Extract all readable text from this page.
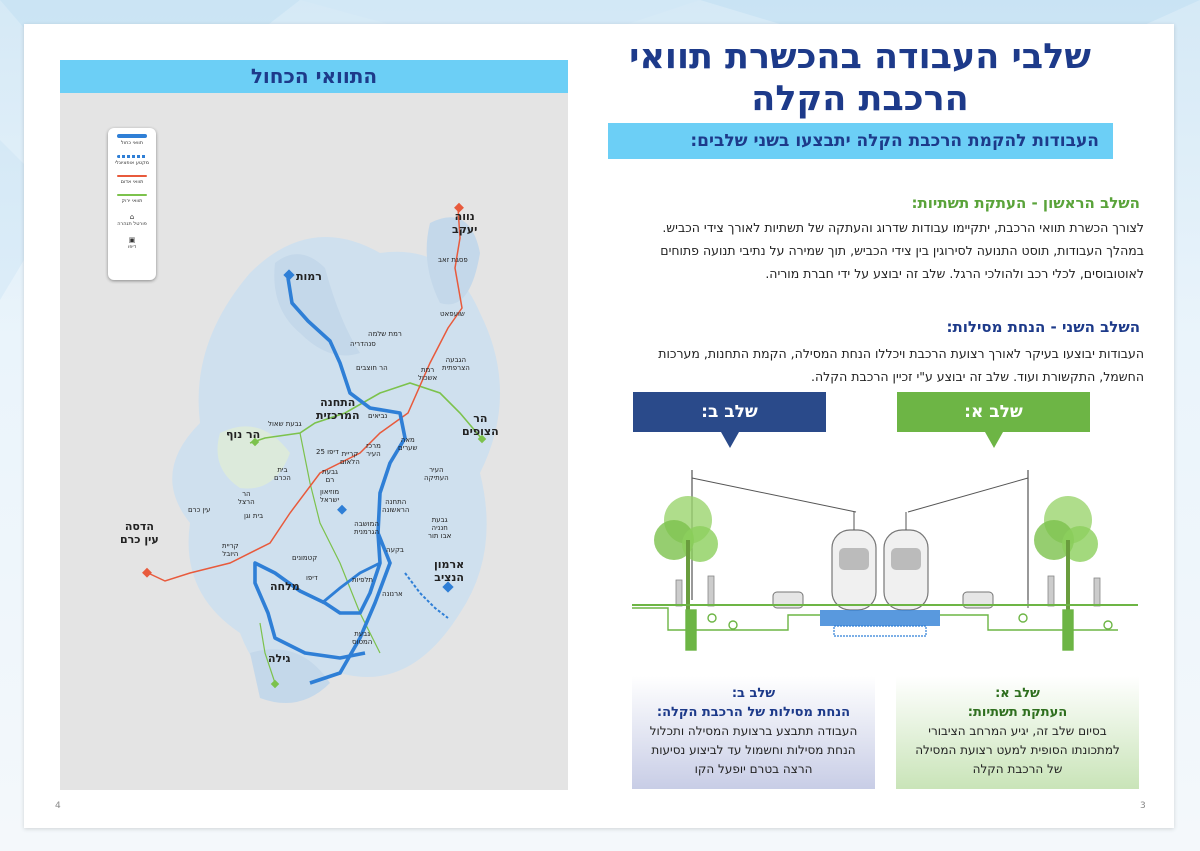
התוואי הכחול
תוואי כחול
מקטע אופציונלי
תוואי אדום
תוואי ירוק
⌂
פורטל תנהרה
▣
דיפו
רמות
נווה
יעקב
פסגת זאב
שועפאט
רמת שלמה
סנהדריה
הר חוצבים	רמת
אשכול
הגבעה
הצרפתית
הר
הצופים
התחנה
המרכזית
גבעת שאול
הר נוף
נביאים
מאה
שערים
מרכז
העיר
העיר
העתיקה
דיפו 25 קריית
הלאום
גבעת
רם
מוזיאון
ישראל
בית
הכרם
הר
הרצל
בית וגן
עין כרם
הדסה
עין כרם
התחנה
הראשונה
גבעת
חנניה
אבו תור
המושבה
הגרמנית
קריית
היובל	בקעה
קטמונים	ארמון
הנציב
דיפו
מלחה	תלפיות
ארנונה
גבעת
המטוס
גילה
שלבי העבודה בהכשרת תוואי הרכבת הקלה
העבודות להקמת הרכבת הקלה יתבצעו בשני שלבים:
השלב הראשון - העתקת תשתיות:
לצורך הכשרת תוואי הרכבת, יתקיימו עבודות שדרוג והעתקה של תשתיות לאורך צידי הכביש. במהלך העבודות, תוסט התנועה לסירוגין בין צידי הכביש, תוך שמירה על נתיבי תנועה פתוחים לאוטובוסים, לכלי רכב ולהולכי הרגל. שלב זה יבוצע על ידי חברת מוריה.
השלב השני - הנחת מסילות:
העבודות יבוצעו בעיקר לאורך רצועת הרכבת ויכללו הנחת המסילה, הקמת התחנות, מערכות החשמל, התקשורת ועוד. שלב זה יבוצע ע"י זכיין הרכבת הקלה.
שלב ב:	שלב א:
שלב ב:
הנחת מסילות של הרכבת הקלה:
העבודה תתבצע ברצועת המסילה ותכלול הנחת מסילות וחשמול עד לביצוע נסיעות הרצה בטרם יופעל הקו
שלב א:
העתקת תשתיות:
בסיום שלב זה, יגיע המרחב הציבורי למתכונתו הסופית למעט רצועת המסילה של הרכבת הקלה
4	3
